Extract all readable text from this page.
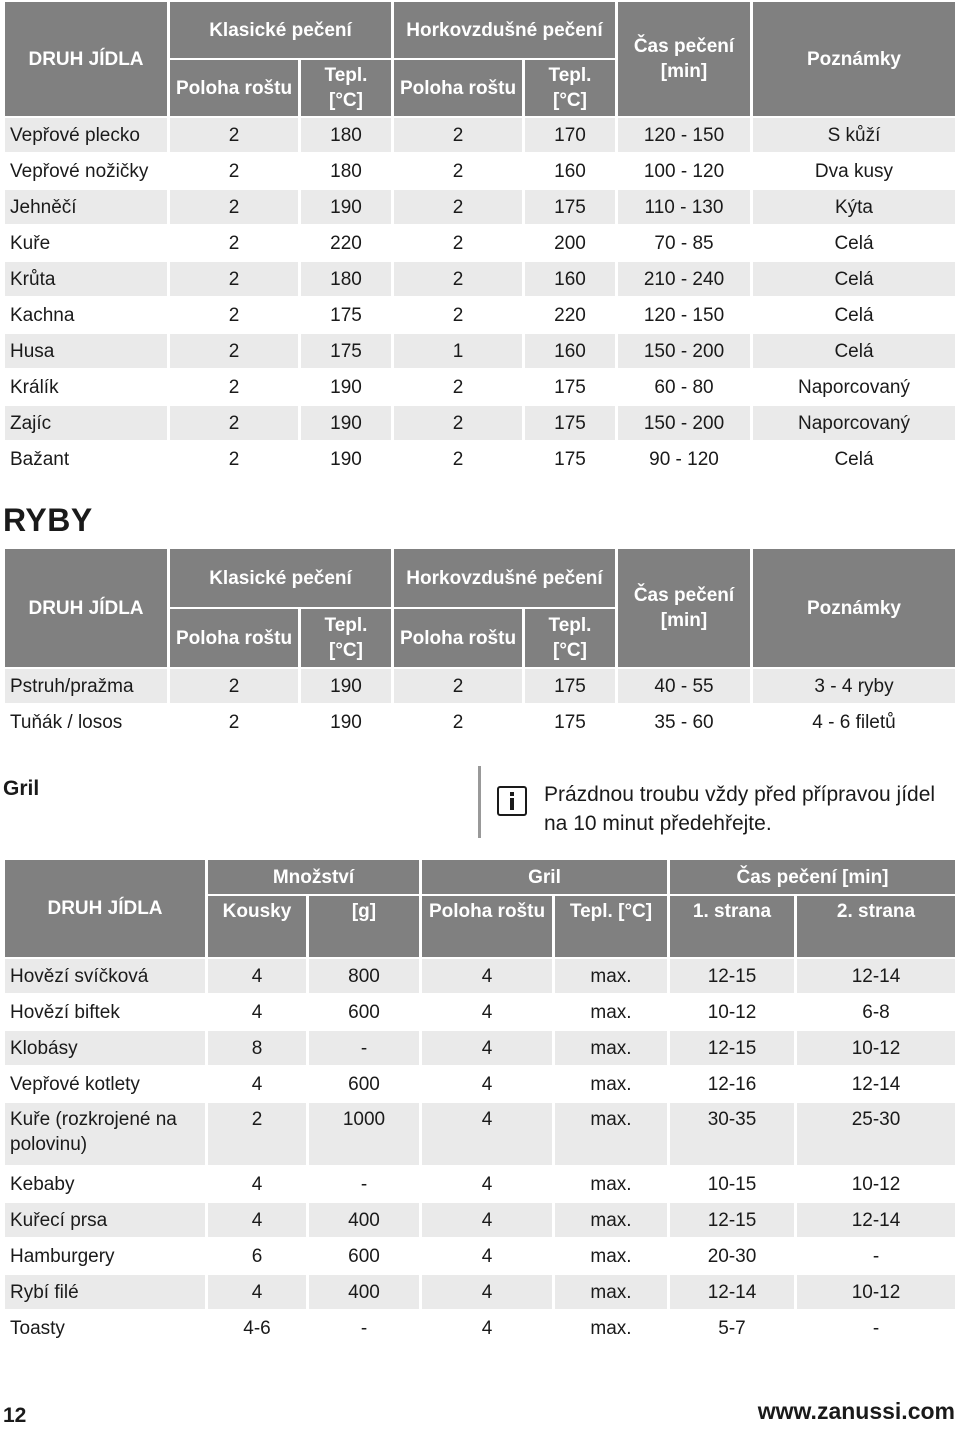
DRUH JÍDLA	Klasické pečení		Horkovzdušné pečení		Čas pečení [min]	Poznámky
	Poloha roštu	Tepl. [°C]	Poloha roštu	Tepl. [°C]		
Vepřové plecko	2	180	2	170	120 - 150	S kůží
Vepřové nožičky	2	180	2	160	100 - 120	Dva kusy
Jehněčí	2	190	2	175	110 - 130	Kýta
Kuře	2	220	2	200	70 - 85	Celá
Krůta	2	180	2	160	210 - 240	Celá
Kachna	2	175	2	220	120 - 150	Celá
Husa	2	175	1	160	150 - 200	Celá
Králík	2	190	2	175	60 - 80	Naporcovaný
Zajíc	2	190	2	175	150 - 200	Naporcovaný
Bažant	2	190	2	175	90 - 120	Celá
RYBY
DRUH JÍDLA	Klasické pečení		Horkovzdušné pečení		Čas pečení [min]	Poznámky
	Poloha roštu	Tepl. [°C]	Poloha roštu	Tepl. [°C]		
Pstruh/pražma	2	190	2	175	40 - 55	3 - 4 ryby
Tuňák / losos	2	190	2	175	35 - 60	4 - 6 filetů
Gril	Prázdnou troubu vždy před přípravou jídel na 10 minut předehřejte.
DRUH JÍDLA	Množství		Gril		Čas pečení [min]	
	Kousky	[g]	Poloha roštu	Tepl. [°C]	1. strana	2. strana
Hovězí svíčková	4	800	4	max.	12-15	12-14
Hovězí biftek	4	600	4	max.	10-12	6-8
Klobásy	8	-	4	max.	12-15	10-12
Vepřové kotlety	4	600	4	max.	12-16	12-14
Kuře (rozkrojené na polovinu)	2	1000	4	max.	30-35	25-30
Kebaby	4	-	4	max.	10-15	10-12
Kuřecí prsa	4	400	4	max.	12-15	12-14
Hamburgery	6	600	4	max.	20-30	-
Rybí filé	4	400	4	max.	12-14	10-12
Toasty	4-6	-	4	max.	5-7	-
12	www.zanussi.com
